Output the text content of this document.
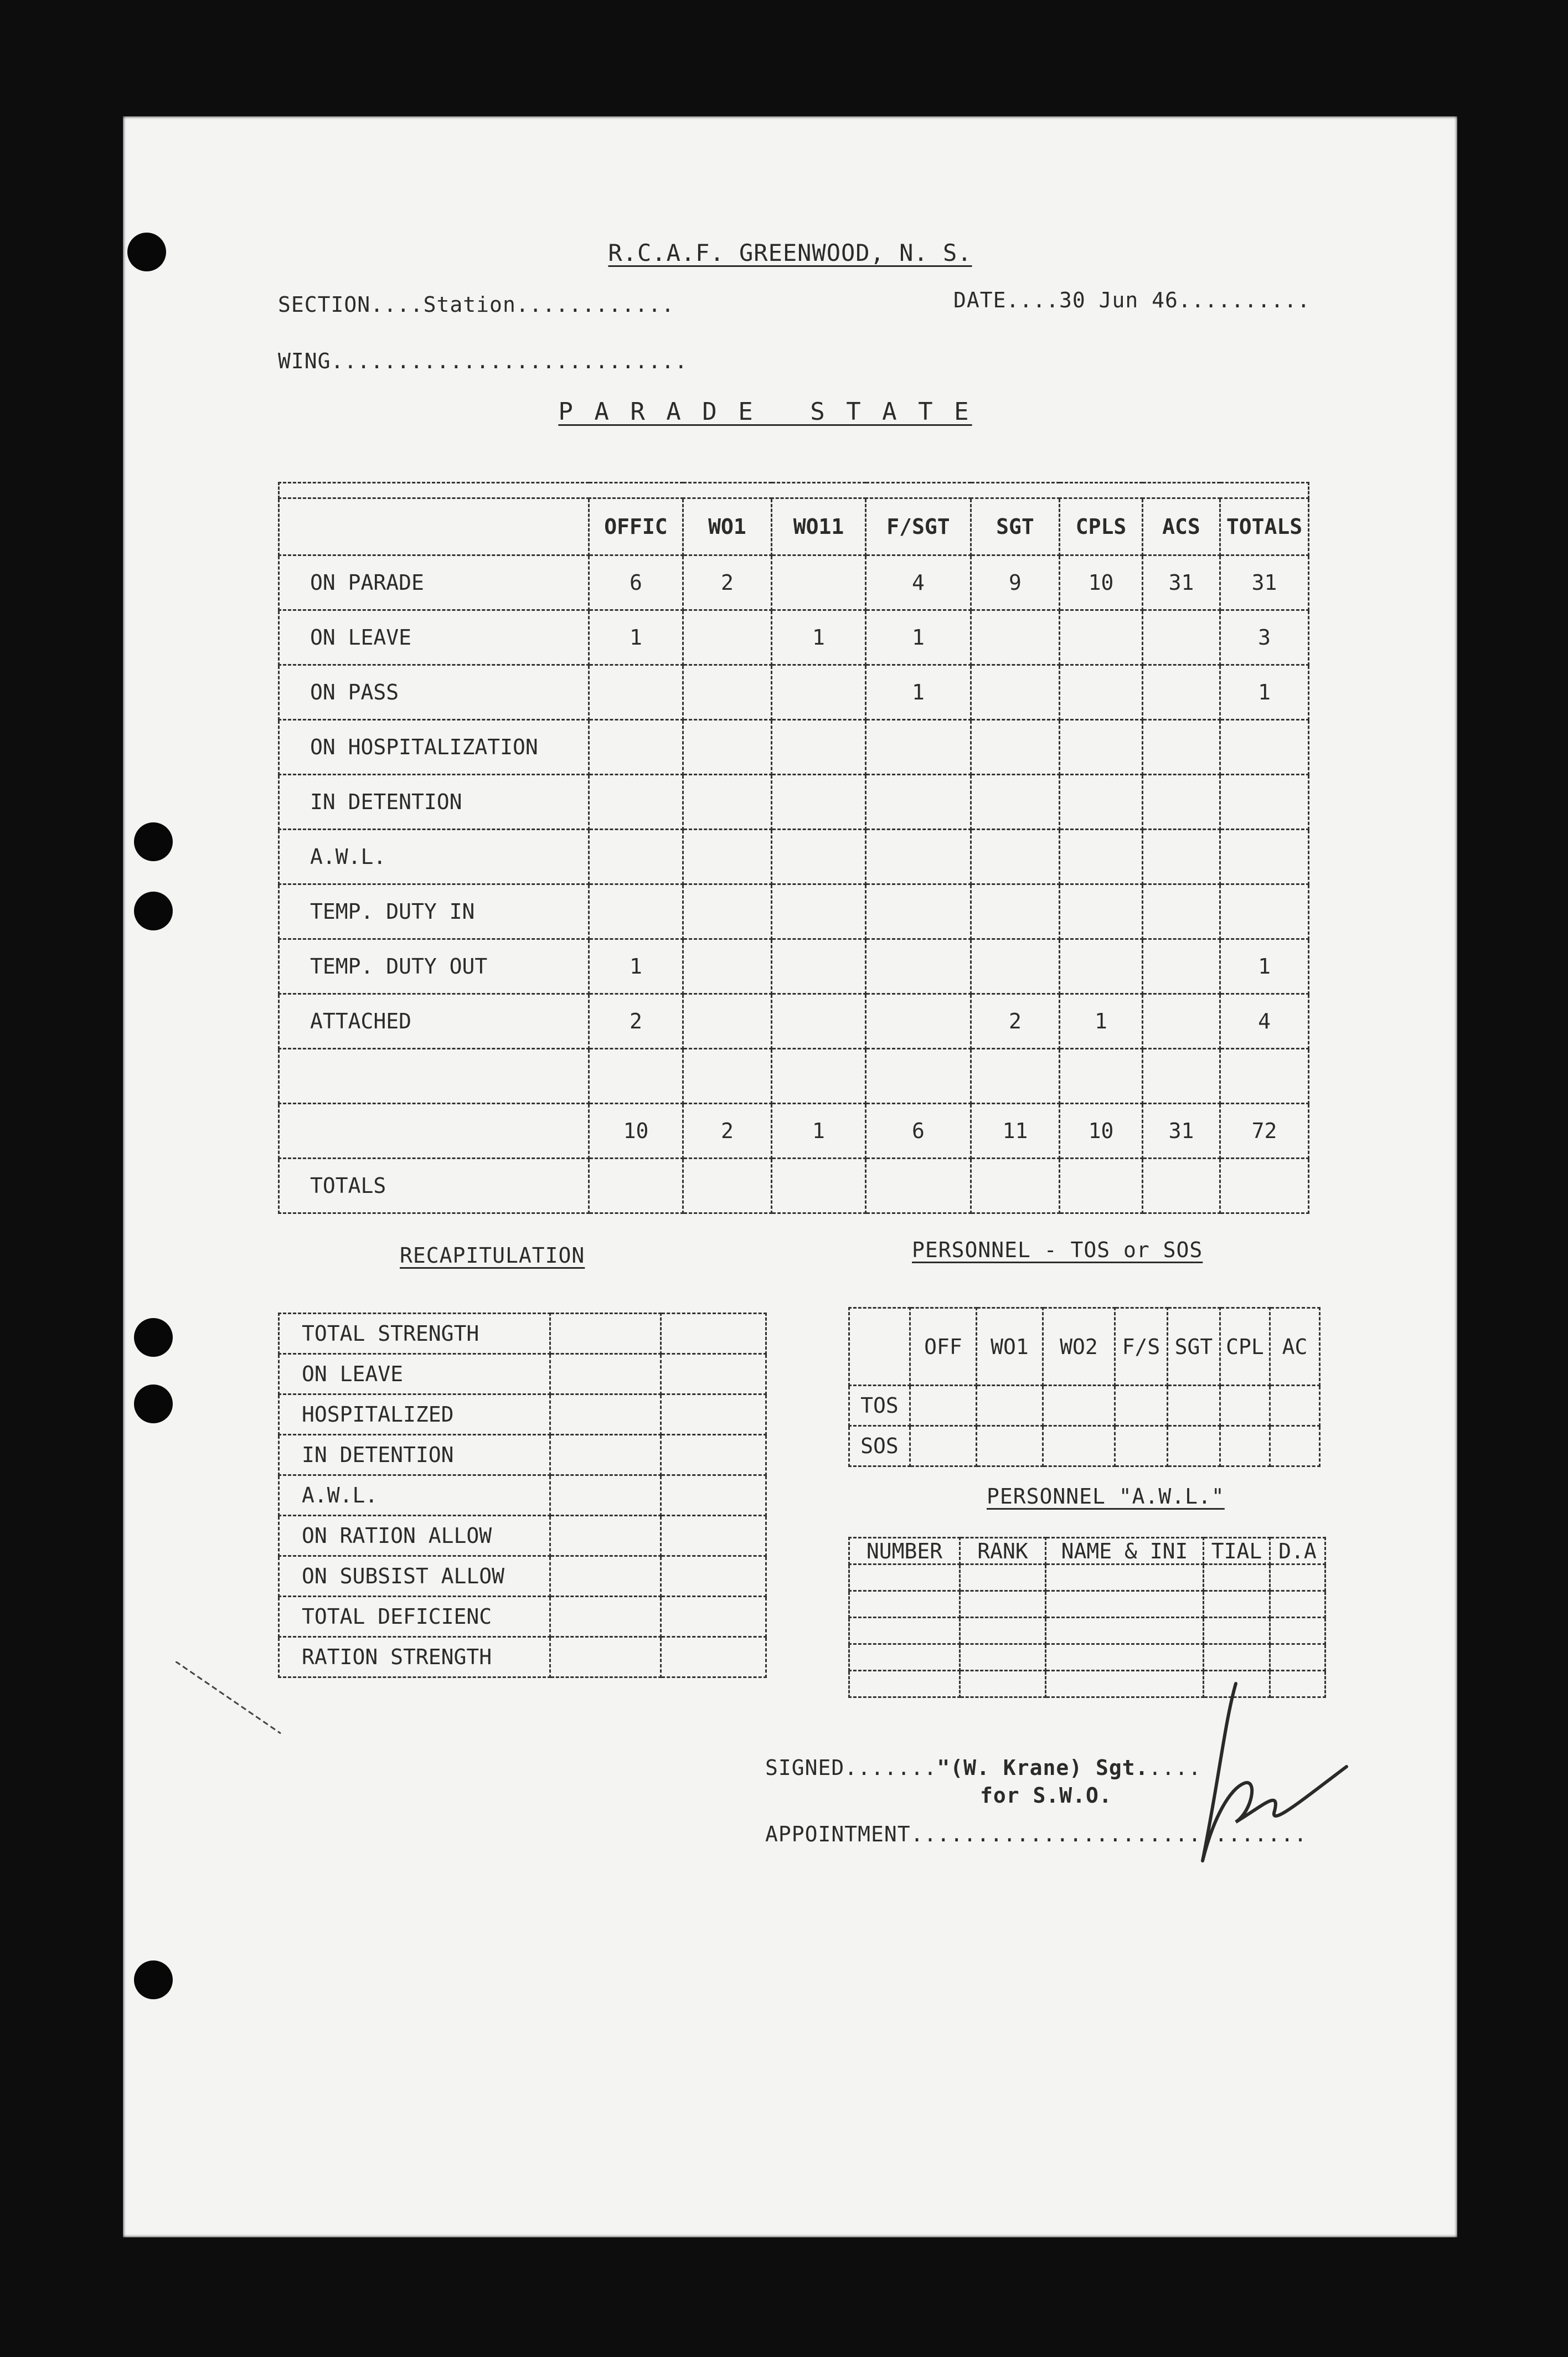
R.C.A.F. GREENWOOD, N. S.
SECTION....Station............	DATE....30 Jun 46..........
WING...........................
P A R A D E   S T A T E

	OFFIC	WO1	WO11	F/SGT	SGT	CPLS	ACS	TOTALS
ON PARADE	6	2		4	9	10	31	31
ON LEAVE	1		1	1				3
ON PASS				1				1
ON HOSPITALIZATION								
IN DETENTION								
A.W.L.								
TEMP. DUTY IN								
TEMP. DUTY OUT	1							1
ATTACHED	2				2	1		4

	10	2	1	6	11	10	31	72
TOTALS								
RECAPITULATION
TOTAL STRENGTH		
ON LEAVE		
HOSPITALIZED		
IN DETENTION		
A.W.L.		
ON RATION ALLOW		
ON SUBSIST ALLOW		
TOTAL DEFICIENC		
RATION STRENGTH		
PERSONNEL - TOS or SOS
	OFF	WO1	WO2	F/S	SGT	CPL	AC
TOS							
SOS							
PERSONNEL "A.W.L."
NUMBER	RANK	NAME & INI	TIAL	D.A

SIGNED......."(W. Krane) Sgt.....
for S.W.O.
APPOINTMENT..............................
